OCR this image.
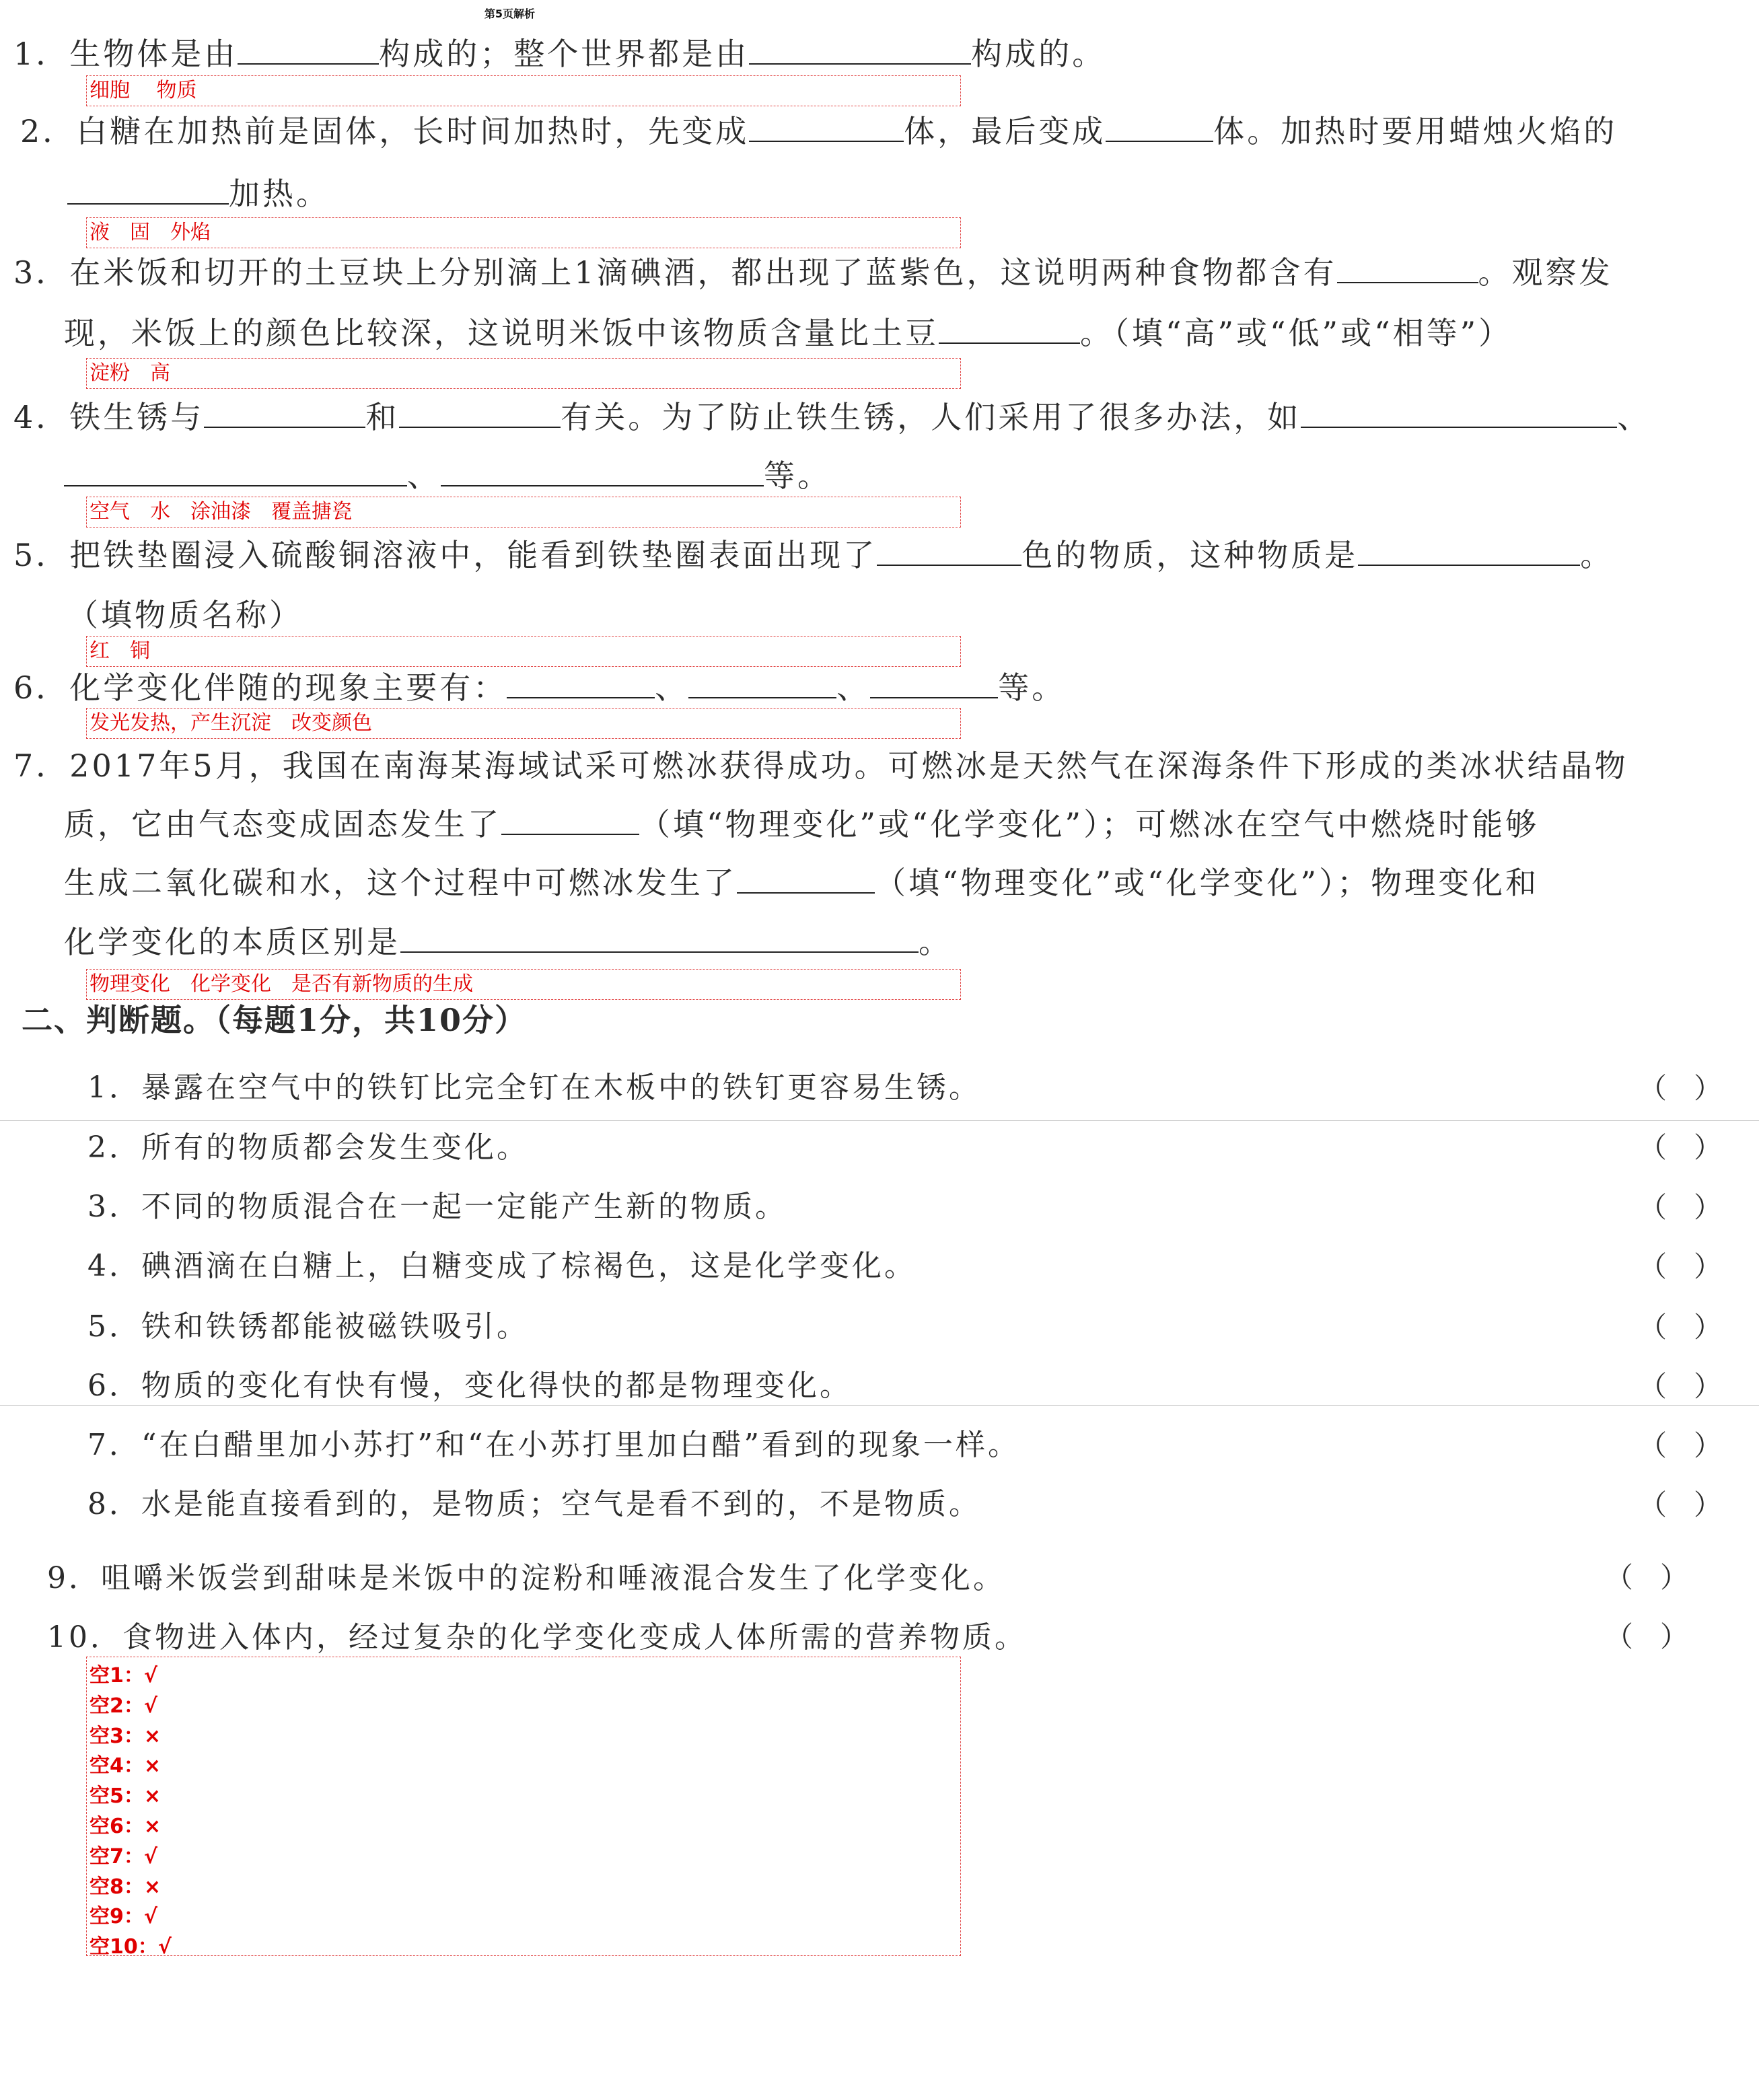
第5页解析
1．生物体是由	构成的；整个世界都是由	构成的。
细胞　 物质
2．白糖在加热前是固体，长时间加热时，先变成	体，最后变成	体。加热时要用蜡烛火焰的
加热。
液　固　外焰
3．在米饭和切开的土豆块上分别滴上1滴碘酒，都出现了蓝紫色，这说明两种食物都含有	。观察发
现，米饭上的颜色比较深，这说明米饭中该物质含量比土豆	。（填“高”或“低”或“相等”）
淀粉　高
4．铁生锈与	和	有关。为了防止铁生锈，人们采用了很多办法，如	、
、	等。
空气　水　涂油漆　覆盖搪瓷
5．把铁垫圈浸入硫酸铜溶液中，能看到铁垫圈表面出现了	色的物质，这种物质是	。
（填物质名称）
红　铜
6．化学变化伴随的现象主要有：	、	、	等。
发光发热，产生沉淀　改变颜色
7．2017年5月，我国在南海某海域试采可燃冰获得成功。可燃冰是天然气在深海条件下形成的类冰状结晶物
质，它由气态变成固态发生了	（填“物理变化”或“化学变化”）；可燃冰在空气中燃烧时能够
生成二氧化碳和水，这个过程中可燃冰发生了	（填“物理变化”或“化学变化”）；物理变化和
化学变化的本质区别是	。
物理变化　化学变化　是否有新物质的生成
二、判断题。（每题1分，共10分）
1．暴露在空气中的铁钉比完全钉在木板中的铁钉更容易生锈。	（）
2．所有的物质都会发生变化。	（）
3．不同的物质混合在一起一定能产生新的物质。	（）
4．碘酒滴在白糖上，白糖变成了棕褐色，这是化学变化。	（）
5．铁和铁锈都能被磁铁吸引。	（）
6．物质的变化有快有慢，变化得快的都是物理变化。	（）
7．“在白醋里加小苏打”和“在小苏打里加白醋”看到的现象一样。	（）
8．水是能直接看到的，是物质；空气是看不到的，不是物质。	（）
9．咀嚼米饭尝到甜味是米饭中的淀粉和唾液混合发生了化学变化。	（）
10．食物进入体内，经过复杂的化学变化变成人体所需的营养物质。	（）
空1：√
空2：√
空3：×
空4：×
空5：×
空6：×
空7：√
空8：×
空9：√
空10：√
